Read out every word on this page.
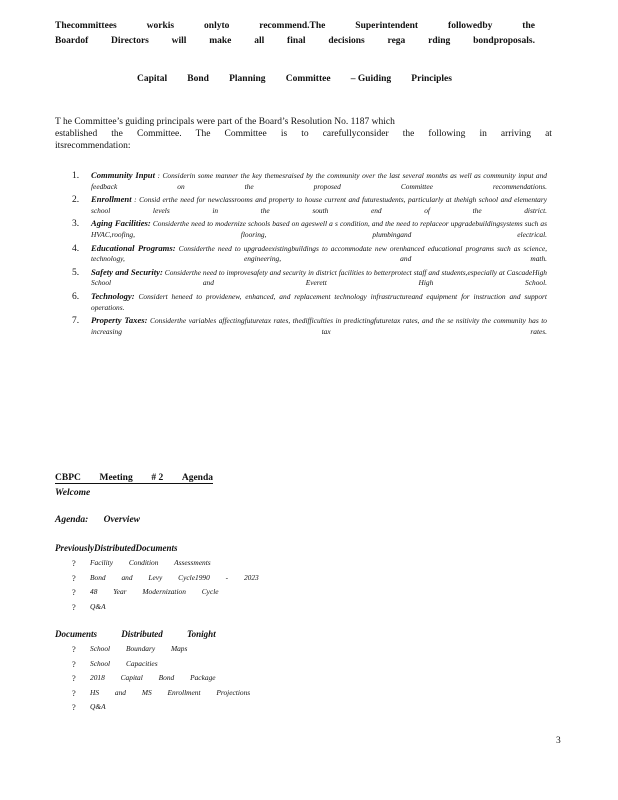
Thecommittees	workis	onlyto	recommend.The	Superintendent	followedby	the
Boardof Directors will make all final decisions rega rding bondproposals.
Capital Bond Planning Committee – Guiding Principles
T he Committee’s guiding principals were part of the Board’s Resolution No. 1187 which
established the Committee. The Committee is to carefullyconsider the following in arriving at
itsrecommendation:
1. Community Input : Considerin some manner the key themesraised by the community over the last several months as well as community input and feedback on the proposed Committee recommendations.
2. Enrollment : Consid erthe need for newclassrooms and property to house current and futurestudents, particularly at thehigh school and elementary school levels in the south end of the district.
3. Aging Facilities: Considerthe need to modernize schools based on ageswell a s condition, and the need to replaceor upgradebuildingsystems such as HVAC,roofing, flooring, plumbingand electrical.
4. Educational Programs: Considerthe need to upgradeexistingbuildings to accommodate new orenhanced educational programs such as science, technology, engineering, and math.
5. Safety and Security: Considerthe need to improvesafety and security in district facilities to betterprotect staff and students,especially at CascadeHigh School and Everett High School.
6. Technology: Considert heneed to providenew, enhanced, and replacement technology infrastructureand equipment for instruction and support operations.
7. Property Taxes: Considerthe variables affectingfuturetax rates, thedifficulties in predictingfuturetax rates, and the se nsitivity the community has to increasing tax rates.
CBPC Meeting # 2 Agenda
Welcome
Agenda: Overview
PreviouslyDistributedDocuments
? Facility Condition Assessments
? Bond and Levy Cycle1990 - 2023
? 48 Year Modernization Cycle
? Q&A
Documents Distributed Tonight
? School Boundary Maps
? School Capacities
? 2018 Capital Bond Package
? HS and MS Enrollment Projections
? Q&A
3
